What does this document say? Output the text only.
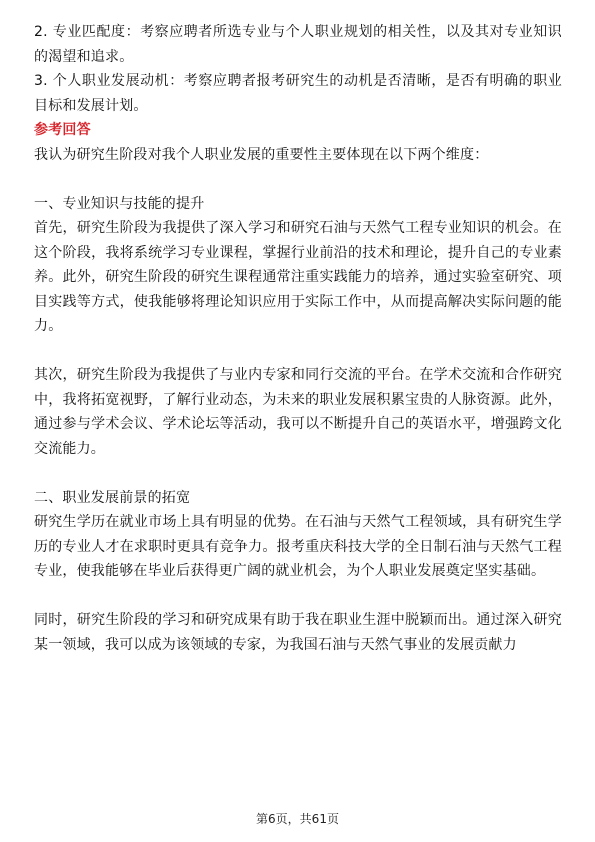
2. 专业匹配度：考察应聘者所选专业与个人职业规划的相关性，以及其对专业知识的渴望和追求。

3. 个人职业发展动机：考察应聘者报考研究生的动机是否清晰，是否有明确的职业目标和发展计划。

参考回答

我认为研究生阶段对我个人职业发展的重要性主要体现在以下两个维度：

一、专业知识与技能的提升

首先，研究生阶段为我提供了深入学习和研究石油与天然气工程专业知识的机会。在这个阶段，我将系统学习专业课程，掌握行业前沿的技术和理论，提升自己的专业素养。此外，研究生阶段的研究生课程通常注重实践能力的培养，通过实验室研究、项目实践等方式，使我能够将理论知识应用于实际工作中，从而提高解决实际问题的能力。

其次，研究生阶段为我提供了与业内专家和同行交流的平台。在学术交流和合作研究中，我将拓宽视野，了解行业动态，为未来的职业发展积累宝贵的人脉资源。此外，通过参与学术会议、学术论坛等活动，我可以不断提升自己的英语水平，增强跨文化交流能力。

二、职业发展前景的拓宽

研究生学历在就业市场上具有明显的优势。在石油与天然气工程领域，具有研究生学历的专业人才在求职时更具有竞争力。报考重庆科技大学的全日制石油与天然气工程专业，使我能够在毕业后获得更广阔的就业机会，为个人职业发展奠定坚实基础。

同时，研究生阶段的学习和研究成果有助于我在职业生涯中脱颖而出。通过深入研究某一领域，我可以成为该领域的专家，为我国石油与天然气事业的发展贡献力

第6页，共61页
